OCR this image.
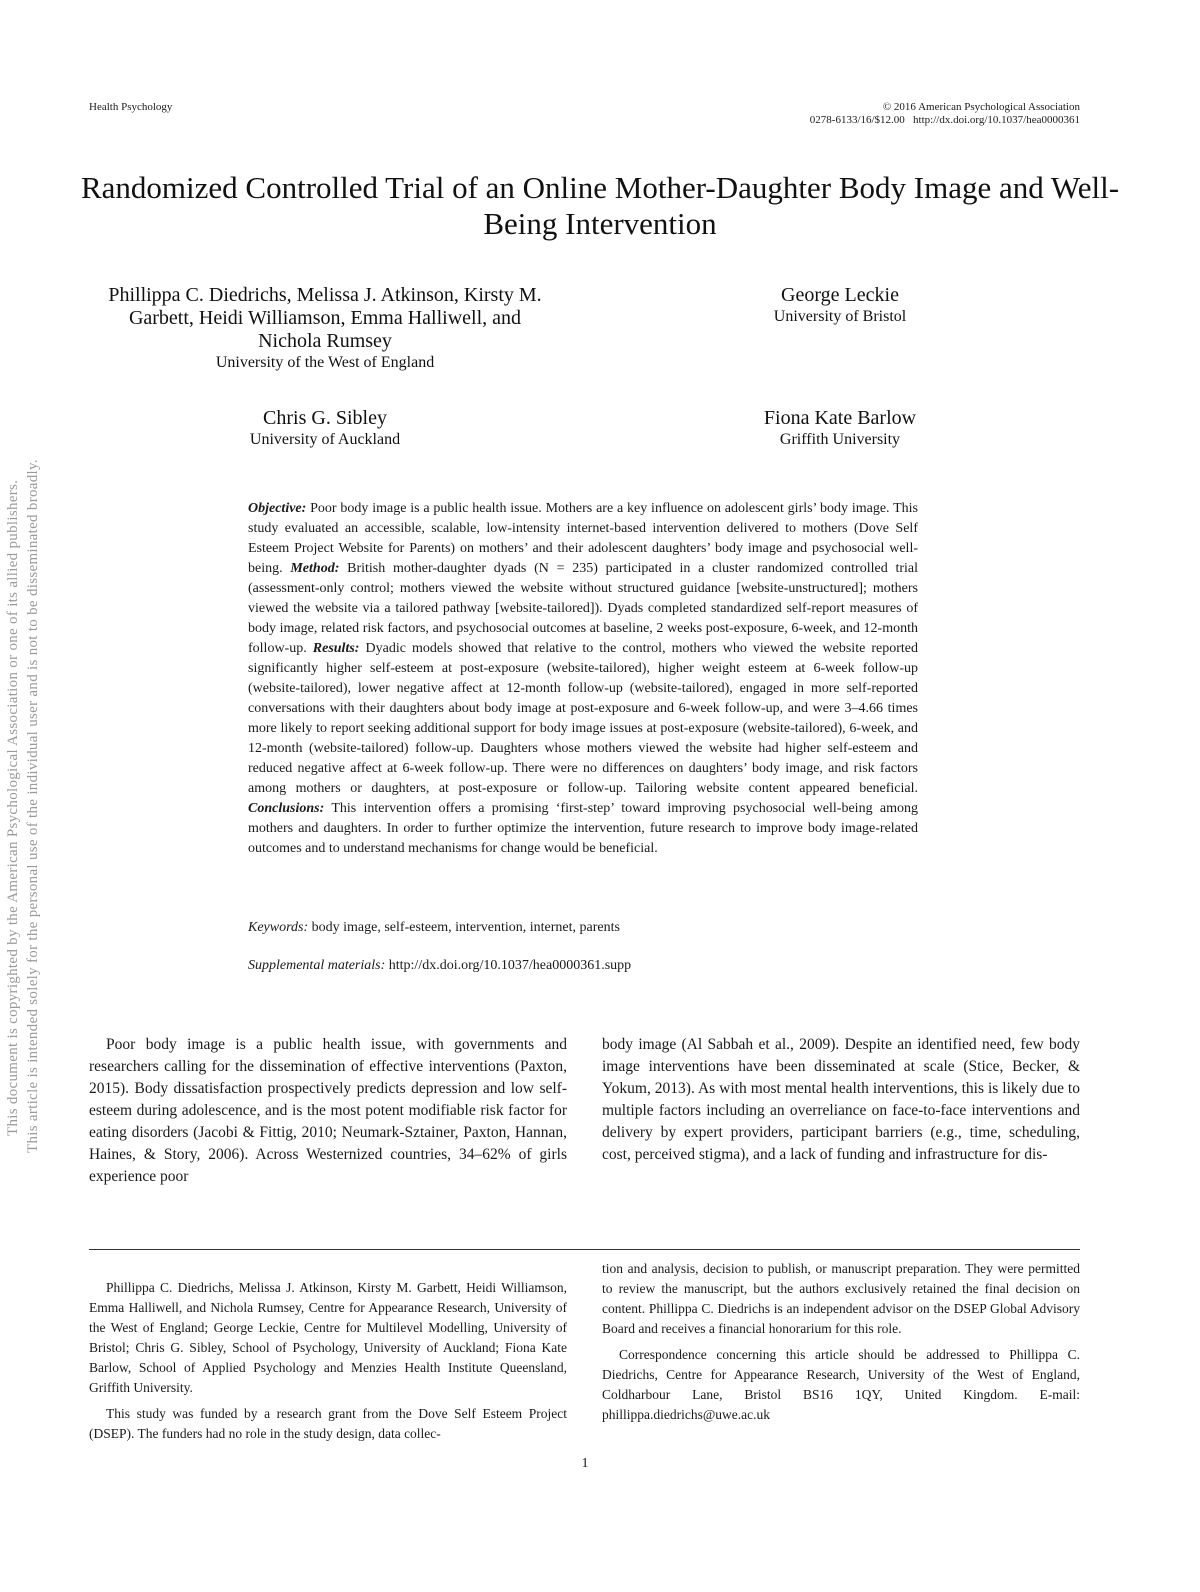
Health Psychology	© 2016 American Psychological Association
0278-6133/16/$12.00   http://dx.doi.org/10.1037/hea0000361
Randomized Controlled Trial of an Online Mother-Daughter Body Image and Well-Being Intervention
Phillippa C. Diedrichs, Melissa J. Atkinson, Kirsty M. Garbett, Heidi Williamson, Emma Halliwell, and Nichola Rumsey
University of the West of England
George Leckie
University of Bristol
Chris G. Sibley
University of Auckland
Fiona Kate Barlow
Griffith University
Objective: Poor body image is a public health issue. Mothers are a key influence on adolescent girls’ body image. This study evaluated an accessible, scalable, low-intensity internet-based intervention delivered to mothers (Dove Self Esteem Project Website for Parents) on mothers’ and their adolescent daughters’ body image and psychosocial well-being. Method: British mother-daughter dyads (N = 235) participated in a cluster randomized controlled trial (assessment-only control; mothers viewed the website without structured guidance [website-unstructured]; mothers viewed the website via a tailored pathway [website-tailored]). Dyads completed standardized self-report measures of body image, related risk factors, and psychosocial outcomes at baseline, 2 weeks post-exposure, 6-week, and 12-month follow-up. Results: Dyadic models showed that relative to the control, mothers who viewed the website reported significantly higher self-esteem at post-exposure (website-tailored), higher weight esteem at 6-week follow-up (website-tailored), lower negative affect at 12-month follow-up (website-tailored), engaged in more self-reported conversations with their daughters about body image at post-exposure and 6-week follow-up, and were 3–4.66 times more likely to report seeking additional support for body image issues at post-exposure (website-tailored), 6-week, and 12-month (website-tailored) follow-up. Daughters whose mothers viewed the website had higher self-esteem and reduced negative affect at 6-week follow-up. There were no differences on daughters’ body image, and risk factors among mothers or daughters, at post-exposure or follow-up. Tailoring website content appeared beneficial. Conclusions: This intervention offers a promising ‘first-step’ toward improving psychosocial well-being among mothers and daughters. In order to further optimize the intervention, future research to improve body image-related outcomes and to understand mechanisms for change would be beneficial.
Keywords: body image, self-esteem, intervention, internet, parents
Supplemental materials: http://dx.doi.org/10.1037/hea0000361.supp
Poor body image is a public health issue, with governments and researchers calling for the dissemination of effective interventions (Paxton, 2015). Body dissatisfaction prospectively predicts depression and low self-esteem during adolescence, and is the most potent modifiable risk factor for eating disorders (Jacobi & Fittig, 2010; Neumark-Sztainer, Paxton, Hannan, Haines, & Story, 2006). Across Westernized countries, 34–62% of girls experience poor
body image (Al Sabbah et al., 2009). Despite an identified need, few body image interventions have been disseminated at scale (Stice, Becker, & Yokum, 2013). As with most mental health interventions, this is likely due to multiple factors including an overreliance on face-to-face interventions and delivery by expert providers, participant barriers (e.g., time, scheduling, cost, perceived stigma), and a lack of funding and infrastructure for dis-

Phillippa C. Diedrichs, Melissa J. Atkinson, Kirsty M. Garbett, Heidi Williamson, Emma Halliwell, and Nichola Rumsey, Centre for Appearance Research, University of the West of England; George Leckie, Centre for Multilevel Modelling, University of Bristol; Chris G. Sibley, School of Psychology, University of Auckland; Fiona Kate Barlow, School of Applied Psychology and Menzies Health Institute Queensland, Griffith University.

This study was funded by a research grant from the Dove Self Esteem Project (DSEP). The funders had no role in the study design, data collec-

tion and analysis, decision to publish, or manuscript preparation. They were permitted to review the manuscript, but the authors exclusively retained the final decision on content. Phillippa C. Diedrichs is an independent advisor on the DSEP Global Advisory Board and receives a financial honorarium for this role.

Correspondence concerning this article should be addressed to Phillippa C. Diedrichs, Centre for Appearance Research, University of the West of England, Coldharbour Lane, Bristol BS16 1QY, United Kingdom. E-mail: phillippa.diedrichs@uwe.ac.uk

1
This document is copyrighted by the American Psychological Association or one of its allied publishers. This article is intended solely for the personal use of the individual user and is not to be disseminated broadly.
